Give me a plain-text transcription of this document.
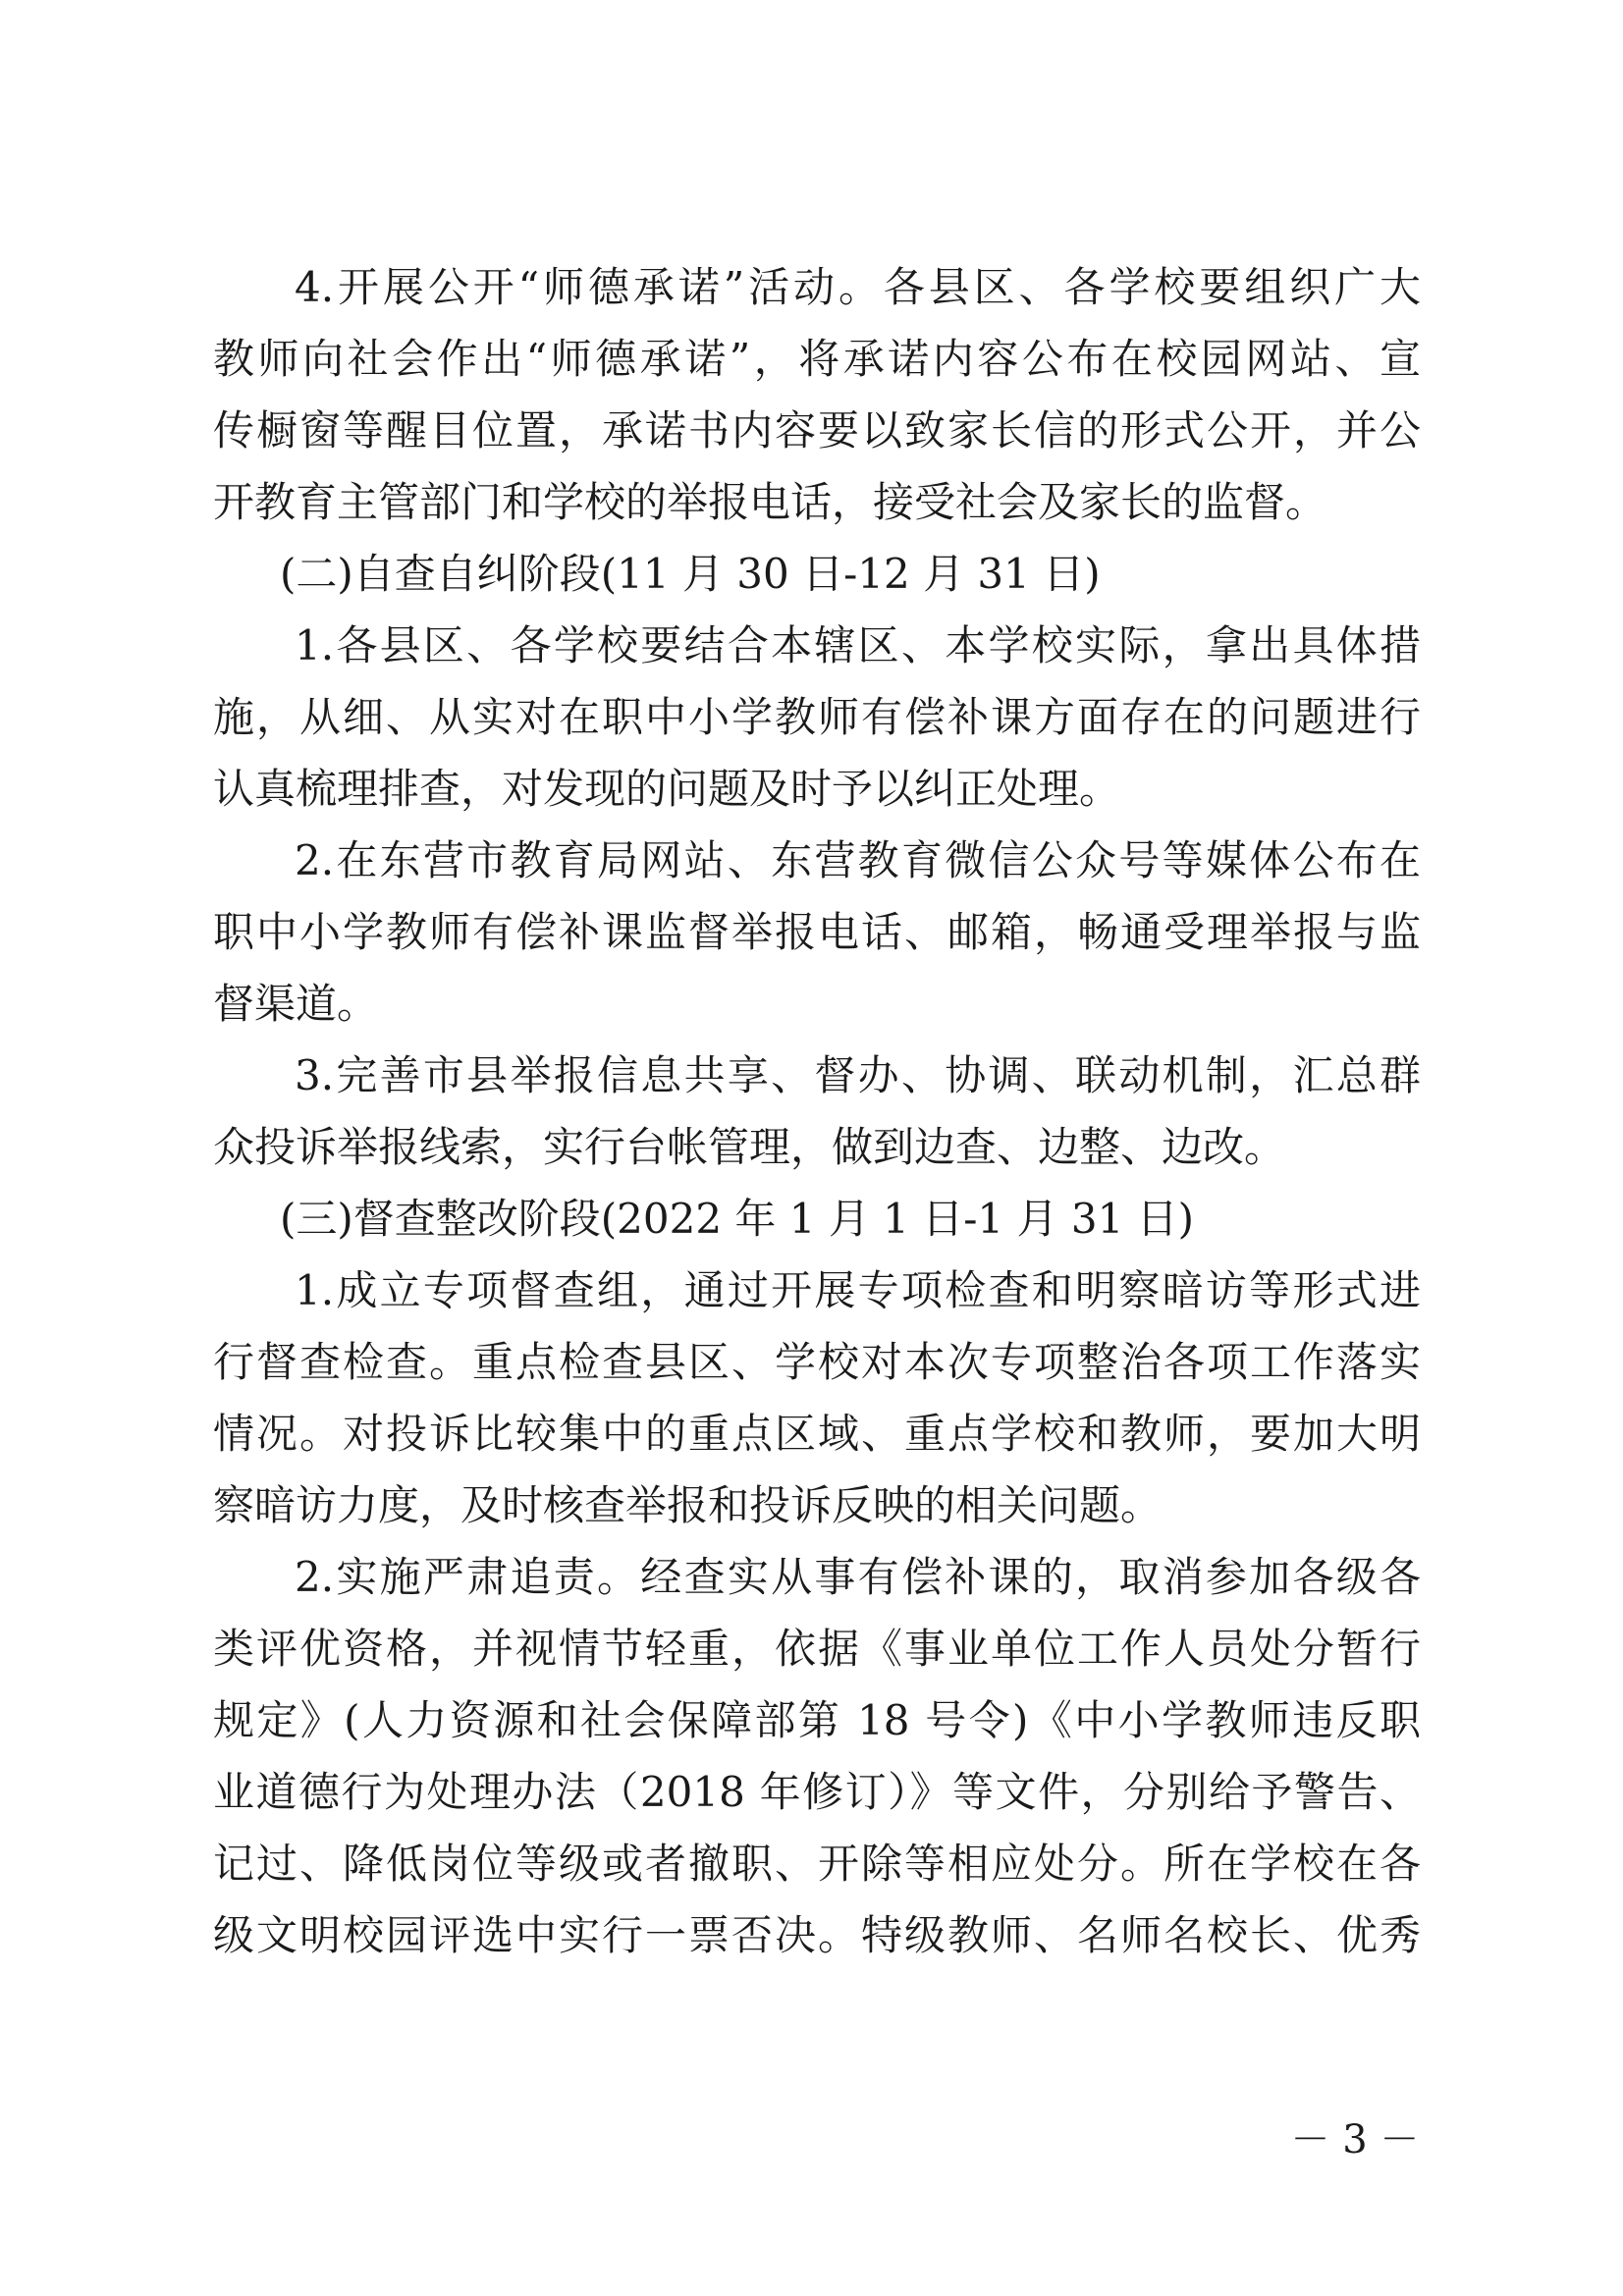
4.开展公开“师德承诺”活动。各县区、各学校要组织广大
教师向社会作出“师德承诺”，将承诺内容公布在校园网站、宣
传橱窗等醒目位置，承诺书内容要以致家长信的形式公开，并公
开教育主管部门和学校的举报电话，接受社会及家长的监督。
(二)自查自纠阶段(11 月 30 日-12 月 31 日)
1.各县区、各学校要结合本辖区、本学校实际，拿出具体措
施，从细、从实对在职中小学教师有偿补课方面存在的问题进行
认真梳理排查，对发现的问题及时予以纠正处理。
2.在东营市教育局网站、东营教育微信公众号等媒体公布在
职中小学教师有偿补课监督举报电话、邮箱，畅通受理举报与监
督渠道。
3.完善市县举报信息共享、督办、协调、联动机制，汇总群
众投诉举报线索，实行台帐管理，做到边查、边整、边改。
(三)督查整改阶段(2022 年 1 月 1 日-1 月 31 日)
1.成立专项督查组，通过开展专项检查和明察暗访等形式进
行督查检查。重点检查县区、学校对本次专项整治各项工作落实
情况。对投诉比较集中的重点区域、重点学校和教师，要加大明
察暗访力度，及时核查举报和投诉反映的相关问题。
2.实施严肃追责。经查实从事有偿补课的，取消参加各级各
类评优资格，并视情节轻重，依据《事业单位工作人员处分暂行
规定》(人力资源和社会保障部第 18 号令)《中小学教师违反职
业道德行为处理办法（2018 年修订）》等文件，分别给予警告、
记过、降低岗位等级或者撤职、开除等相应处分。所在学校在各
级文明校园评选中实行一票否决。特级教师、名师名校长、优秀
－ 3 －
